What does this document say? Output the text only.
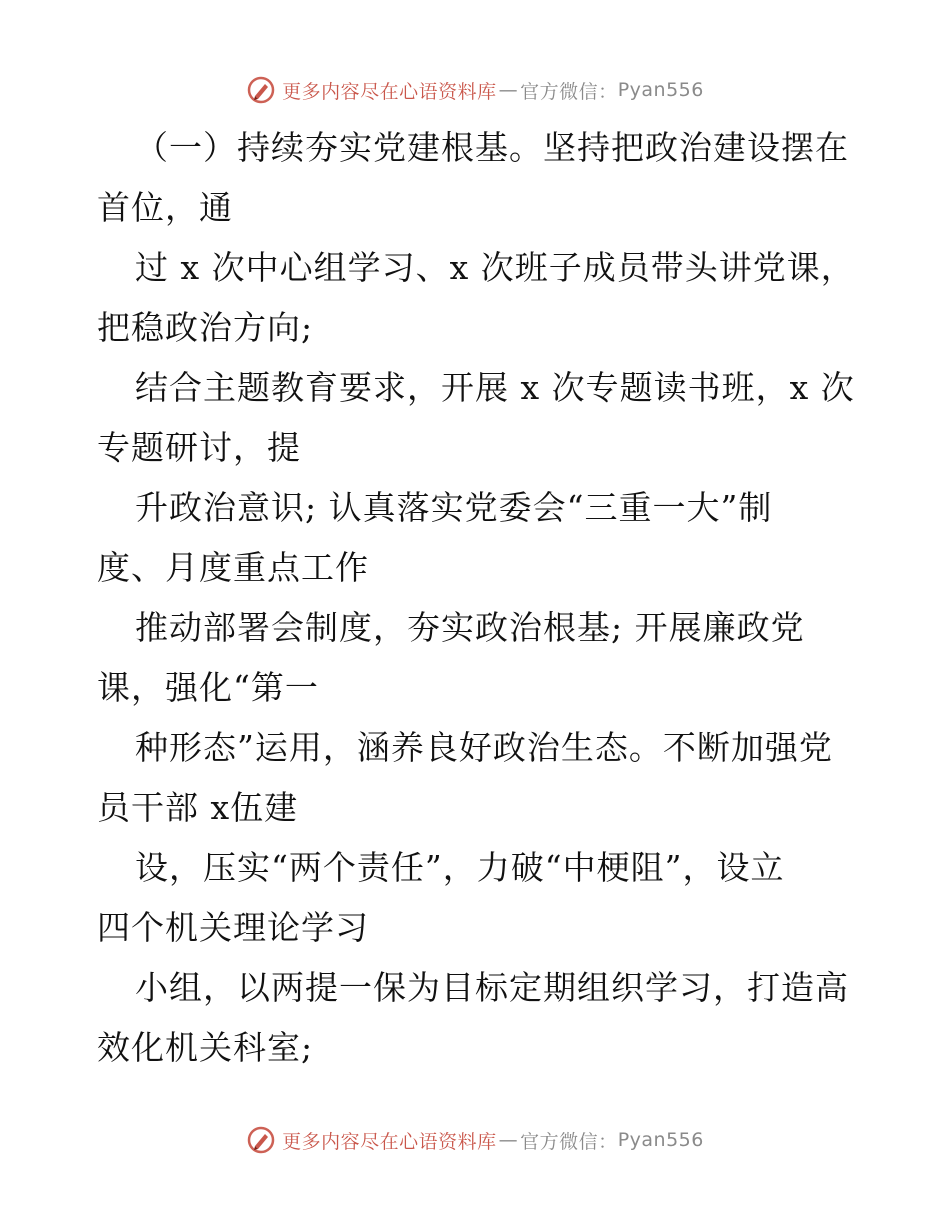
更多内容尽在心语资料库 — 官方微信： Pyan556
（一）持续夯实党建根基。坚持把政治建设摆在
首位，通
过 x 次中心组学习、x 次班子成员带头讲党课，
把稳政治方向;
结合主题教育要求，开展 x 次专题读书班，x 次
专题研讨，提
升政治意识; 认真落实党委会“三重一大”制
度、月度重点工作
推动部署会制度，夯实政治根基; 开展廉政党
课，强化“第一
种形态”运用，涵养良好政治生态。不断加强党
员干部 x伍建
设，压实“两个责任”，力破“中梗阻”，设立
四个机关理论学习
小组，以两提一保为目标定期组织学习，打造高
效化机关科室;
更多内容尽在心语资料库 — 官方微信： Pyan556
